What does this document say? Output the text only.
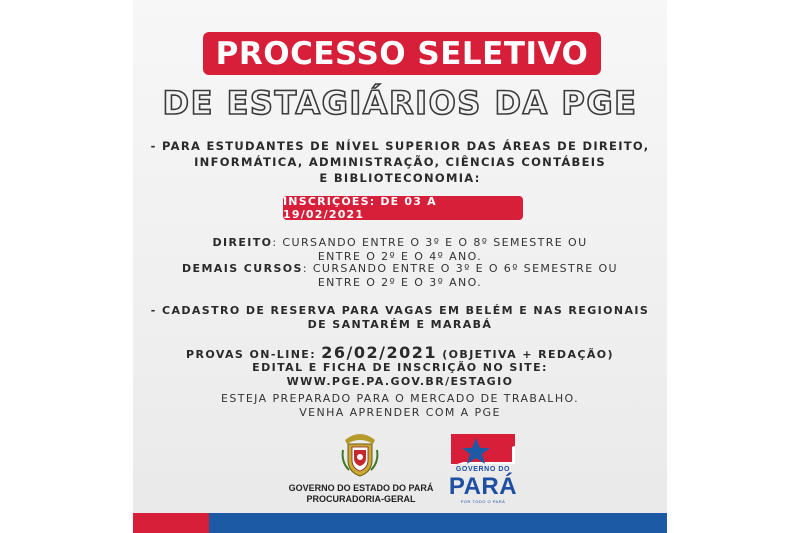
PROCESSO SELETIVO
DE ESTAGIÁRIOS DA PGE
- PARA ESTUDANTES DE NÍVEL SUPERIOR DAS ÁREAS DE DIREITO,
INFORMÁTICA, ADMINISTRAÇÃO, CIÊNCIAS CONTÁBEIS
E BIBLIOTECONOMIA:
INSCRIÇÕES: DE 03 A 19/02/2021
DIREITO: CURSANDO ENTRE O 3º E O 8º SEMESTRE OU
ENTRE O 2º E O 4º ANO.
DEMAIS CURSOS: CURSANDO ENTRE O 3º E O 6º SEMESTRE OU
ENTRE O 2º E O 3º ANO.
- CADASTRO DE RESERVA PARA VAGAS EM BELÉM E NAS REGIONAIS
DE SANTARÉM E MARABÁ
PROVAS ON-LINE: 26/02/2021 (OBJETIVA + REDAÇÃO)
EDITAL E FICHA DE INSCRIÇÃO NO SITE:
WWW.PGE.PA.GOV.BR/ESTAGIO
ESTEJA PREPARADO PARA O MERCADO DE TRABALHO.
VENHA APRENDER COM A PGE
GOVERNO DO ESTADO DO PARÁ
PROCURADORIA-GERAL
GOVERNO DO
PARÁ
POR TODO O PARÁ
